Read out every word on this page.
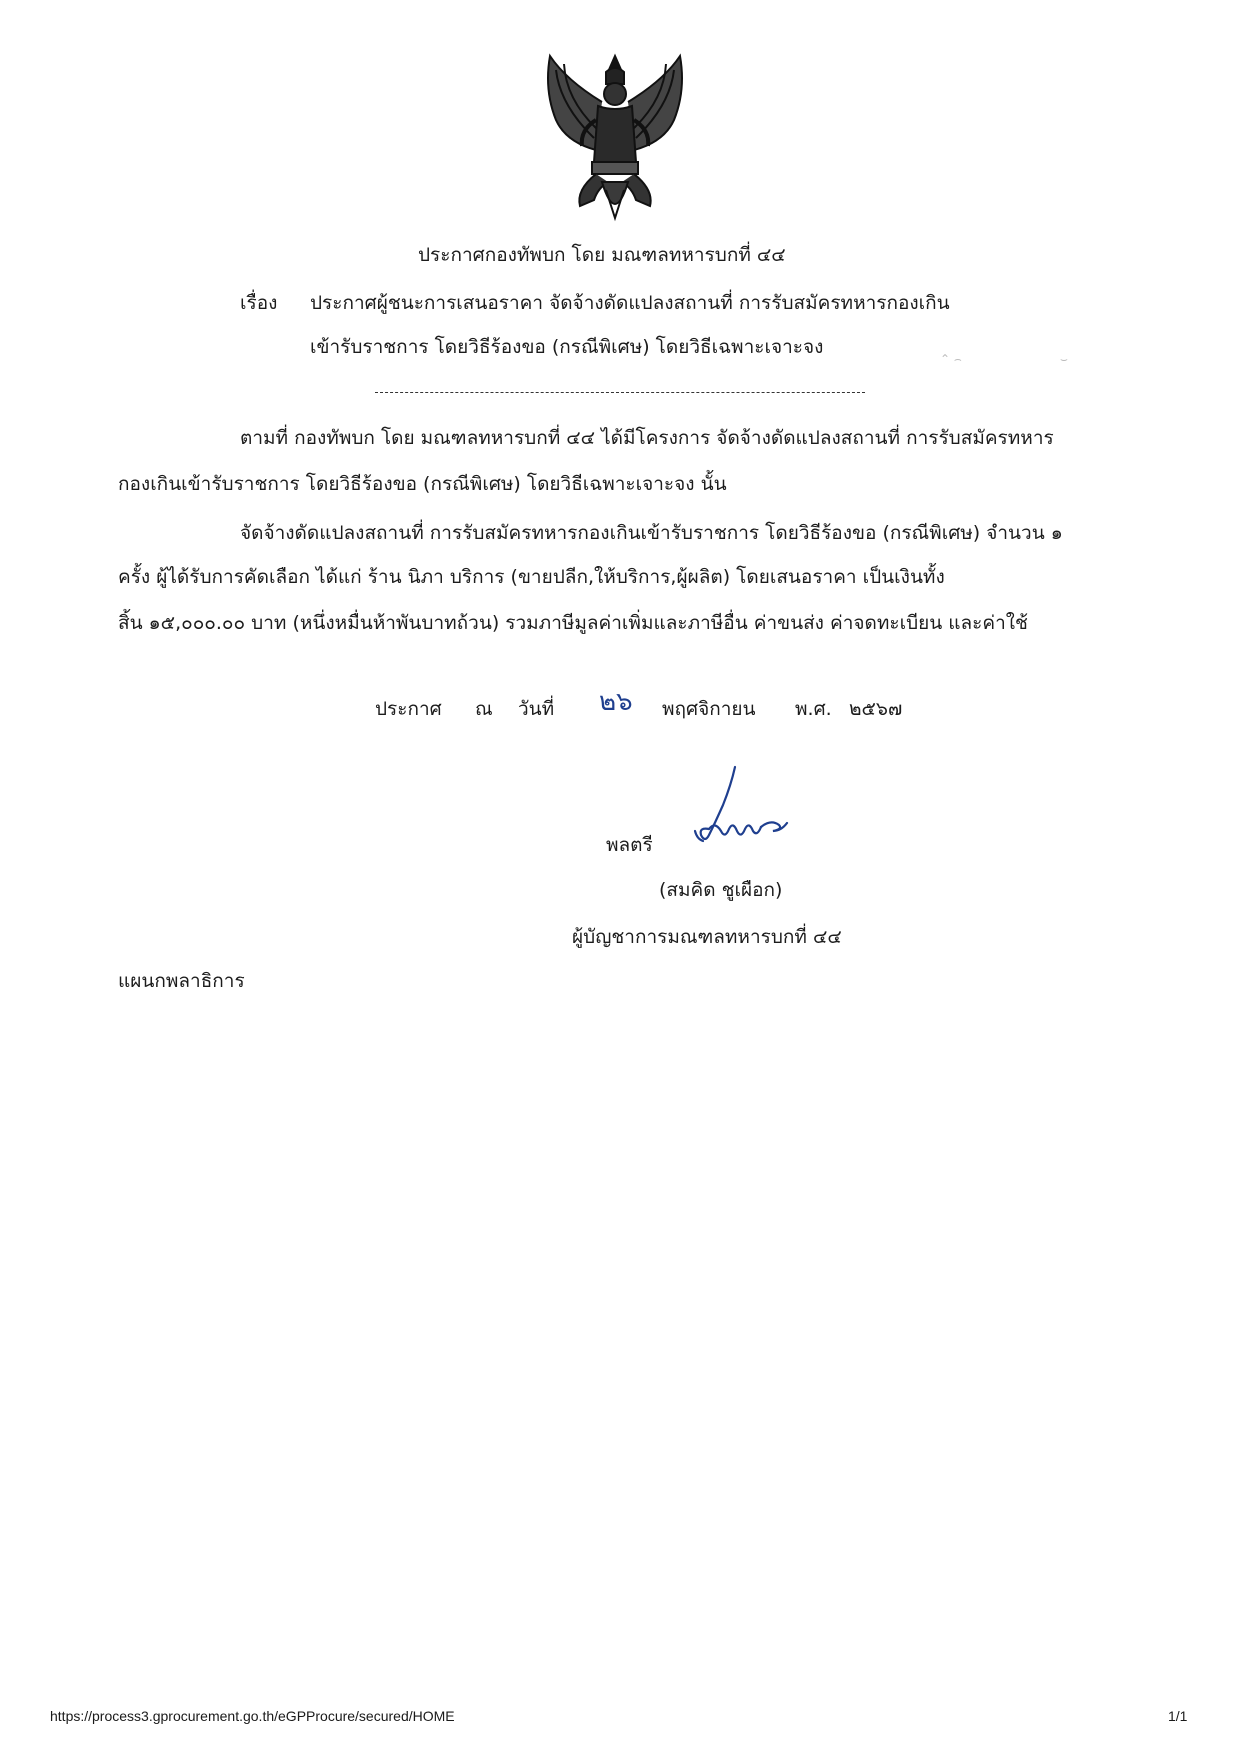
ประกาศกองทัพบก โดย มณฑลทหารบกที่ ๔๔
เรื่อง ประกาศผู้ชนะการเสนอราคา จัดจ้างดัดแปลงสถานที่ การรับสมัครทหารกองเกิน
เข้ารับราชการ โดยวิธีร้องขอ (กรณีพิเศษ) โดยวิธีเฉพาะเจาะจง
⌃ ⌢	⌣
ตามที่ กองทัพบก โดย มณฑลทหารบกที่ ๔๔ ได้มีโครงการ จัดจ้างดัดแปลงสถานที่ การรับสมัครทหาร
กองเกินเข้ารับราชการ โดยวิธีร้องขอ (กรณีพิเศษ) โดยวิธีเฉพาะเจาะจง นั้น
จัดจ้างดัดแปลงสถานที่ การรับสมัครทหารกองเกินเข้ารับราชการ โดยวิธีร้องขอ (กรณีพิเศษ) จำนวน ๑
ครั้ง ผู้ได้รับการคัดเลือก ได้แก่ ร้าน นิภา บริการ (ขายปลีก,ให้บริการ,ผู้ผลิต) โดยเสนอราคา เป็นเงินทั้ง
สิ้น ๑๕,๐๐๐.๐๐ บาท (หนึ่งหมื่นห้าพันบาทถ้วน) รวมภาษีมูลค่าเพิ่มและภาษีอื่น ค่าขนส่ง ค่าจดทะเบียน และค่าใช้
ประกาศ ณ วันที่ ๒๖ พฤศจิกายน พ.ศ. ๒๕๖๗
พลตรี
(สมคิด ชูเผือก)
ผู้บัญชาการมณฑลทหารบกที่ ๔๔
แผนกพลาธิการ
https://process3.gprocurement.go.th/eGPProcure/secured/HOME	1/1
